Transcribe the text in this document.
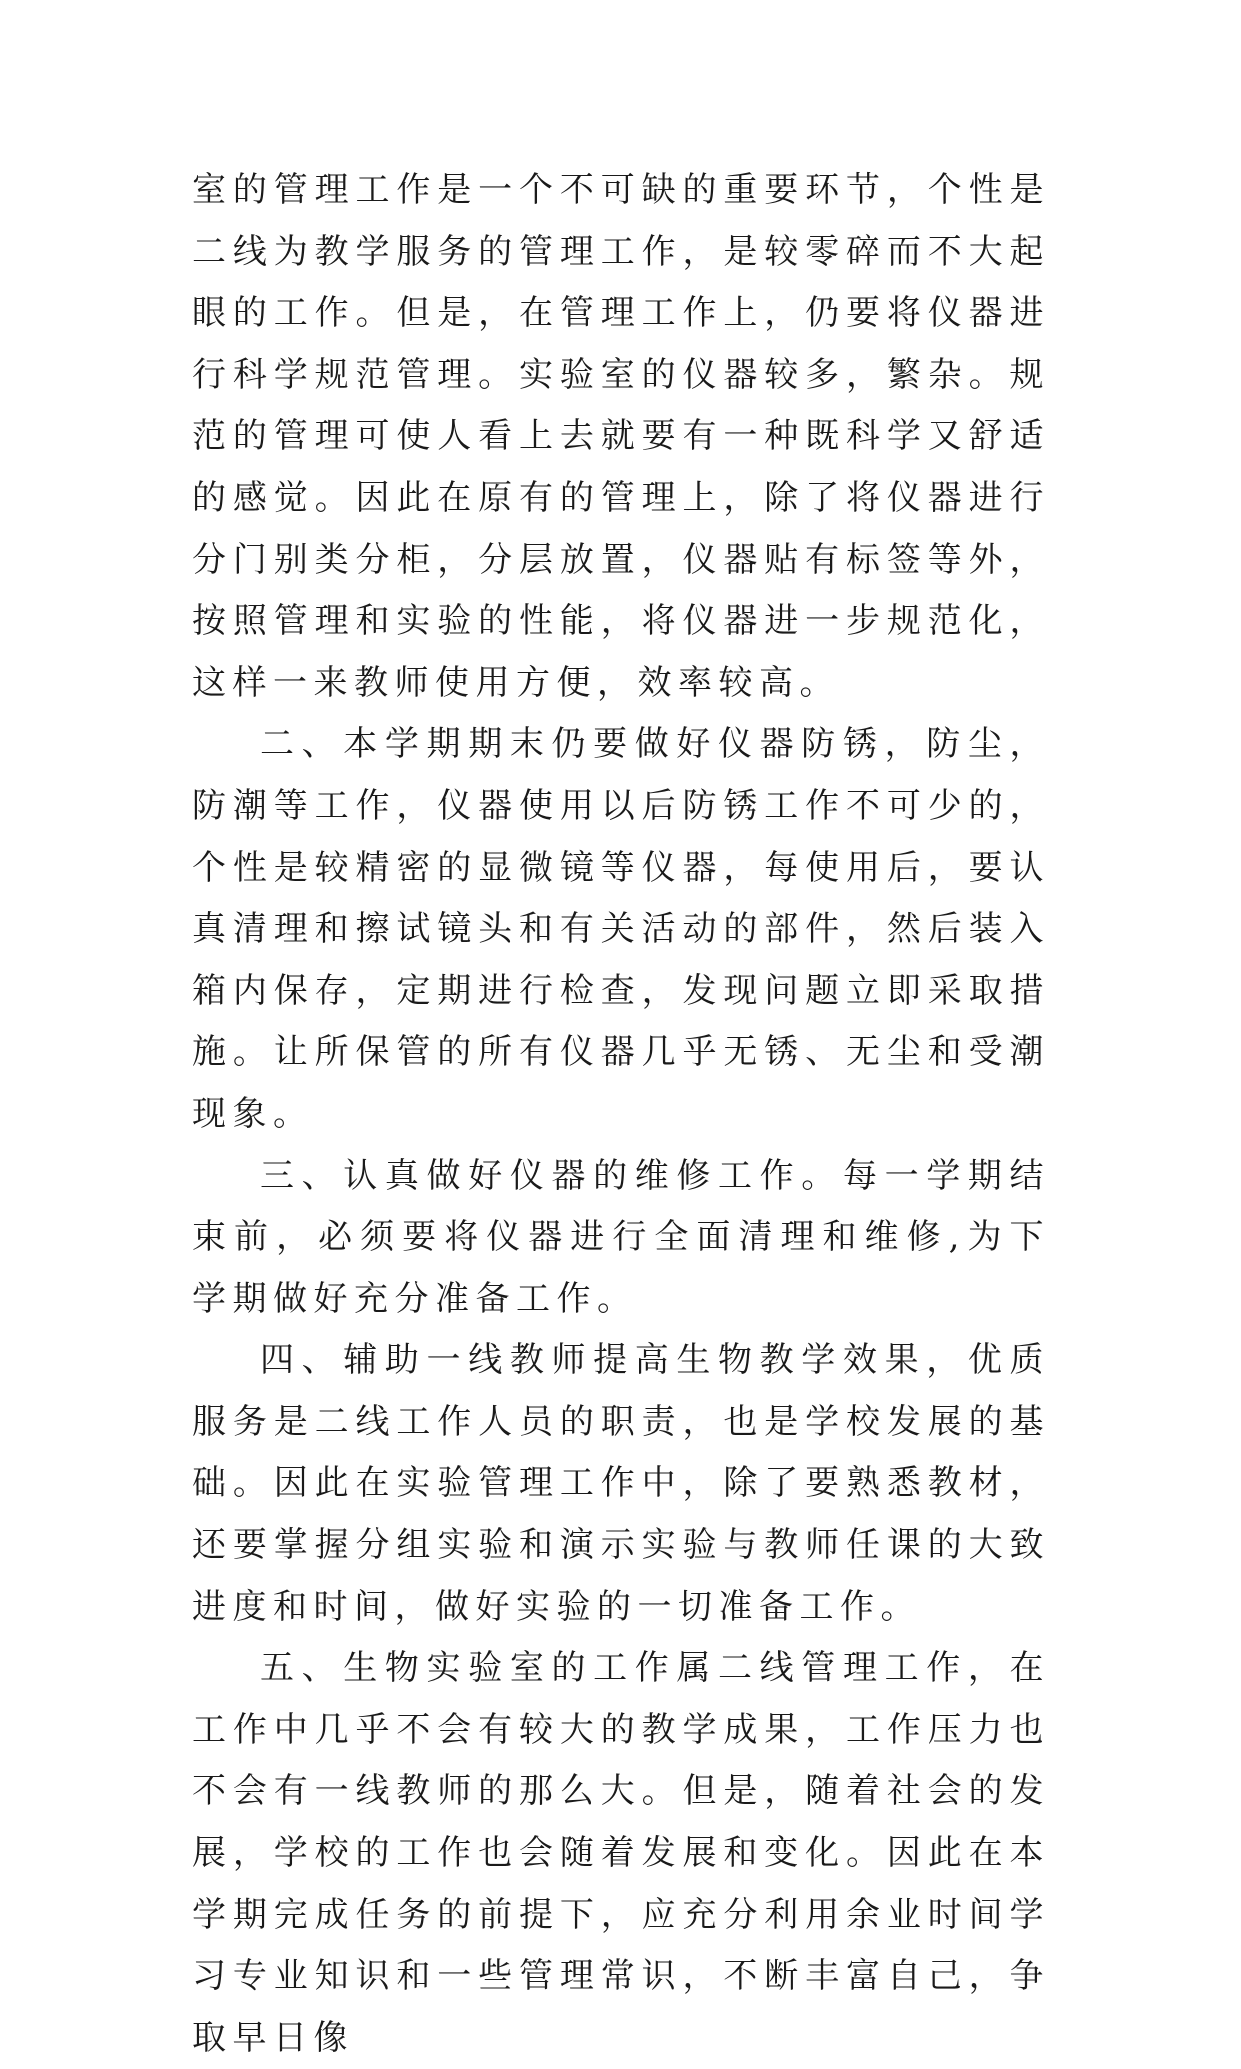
室的管理工作是一个不可缺的重要环节，个性是二线为教学服务的管理工作，是较零碎而不大起眼的工作。但是，在管理工作上，仍要将仪器进行科学规范管理。实验室的仪器较多，繁杂。规范的管理可使人看上去就要有一种既科学又舒适的感觉。因此在原有的管理上，除了将仪器进行分门别类分柜，分层放置，仪器贴有标签等外，按照管理和实验的性能，将仪器进一步规范化，这样一来教师使用方便，效率较高。

二、本学期期末仍要做好仪器防锈，防尘，防潮等工作，仪器使用以后防锈工作不可少的，个性是较精密的显微镜等仪器，每使用后，要认真清理和擦试镜头和有关活动的部件，然后装入箱内保存，定期进行检查，发现问题立即采取措施。让所保管的所有仪器几乎无锈、无尘和受潮现象。

三、认真做好仪器的维修工作。每一学期结束前，必须要将仪器进行全面清理和维修,为下学期做好充分准备工作。

四、辅助一线教师提高生物教学效果，优质服务是二线工作人员的职责，也是学校发展的基础。因此在实验管理工作中，除了要熟悉教材，还要掌握分组实验和演示实验与教师任课的大致进度和时间，做好实验的一切准备工作。

五、生物实验室的工作属二线管理工作，在工作中几乎不会有较大的教学成果，工作压力也不会有一线教师的那么大。但是，随着社会的发展，学校的工作也会随着发展和变化。因此在本学期完成任务的前提下，应充分利用余业时间学习专业知识和一些管理常识，不断丰富自己，争取早日像
